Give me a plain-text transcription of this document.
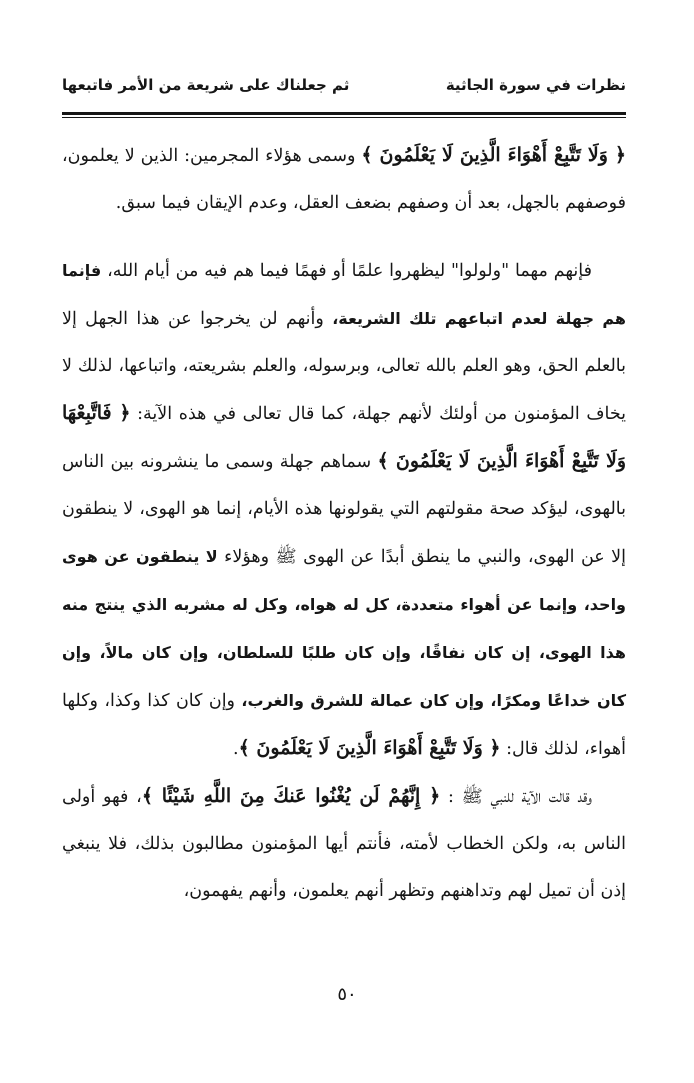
نظرات في سورة الجاثية
ثم جعلناك على شريعة من الأمر فاتبعها

﴿ وَلَا تَتَّبِعْ أَهْوَاءَ الَّذِينَ لَا يَعْلَمُونَ ﴾ وسمى هؤلاء المجرمين: الذين لا يعلمون، فوصفهم بالجهل، بعد أن وصفهم بضعف العقل، وعدم الإيقان فيما سبق.

فإنهم مهما "ولولوا" ليظهروا علمًا أو فهمًا فيما هم فيه من أيام الله، فإنما هم جهلة لعدم اتباعهم تلك الشريعة، وأنهم لن يخرجوا عن هذا الجهل إلا بالعلم الحق، وهو العلم بالله تعالى، وبرسوله، والعلم بشريعته، واتباعها، لذلك لا يخاف المؤمنون من أولئك لأنهم جهلة، كما قال تعالى في هذه الآية: ﴿ فَاتَّبِعْهَا وَلَا تَتَّبِعْ أَهْوَاءَ الَّذِينَ لَا يَعْلَمُونَ ﴾ سماهم جهلة وسمى ما ينشرونه بين الناس بالهوى، ليؤكد صحة مقولتهم التي يقولونها هذه الأيام، إنما هو الهوى، لا ينطقون إلا عن الهوى، والنبي ما ينطق أبدًا عن الهوى ﷺ وهؤلاء لا ينطقون عن هوى واحد، وإنما عن أهواء متعددة، كل له هواه، وكل له مشربه الذي ينتج منه هذا الهوى، إن كان نفاقًا، وإن كان طلبًا للسلطان، وإن كان مالاً، وإن كان خداعًا ومكرًا، وإن كان عمالة للشرق والغرب، وإن كان كذا وكذا، وكلها أهواء، لذلك قال: ﴿ وَلَا تَتَّبِعْ أَهْوَاءَ الَّذِينَ لَا يَعْلَمُونَ ﴾.

وقد قالت الآية للنبي ﷺ : ﴿ إِنَّهُمْ لَن يُغْنُوا عَنكَ مِنَ اللَّهِ شَيْئًا ﴾، فهو أولى الناس به، ولكن الخطاب لأمته، فأنتم أيها المؤمنون مطالبون بذلك، فلا ينبغي إذن أن تميل لهم وتداهنهم وتظهر أنهم يعلمون، وأنهم يفهمون،

٥٠
